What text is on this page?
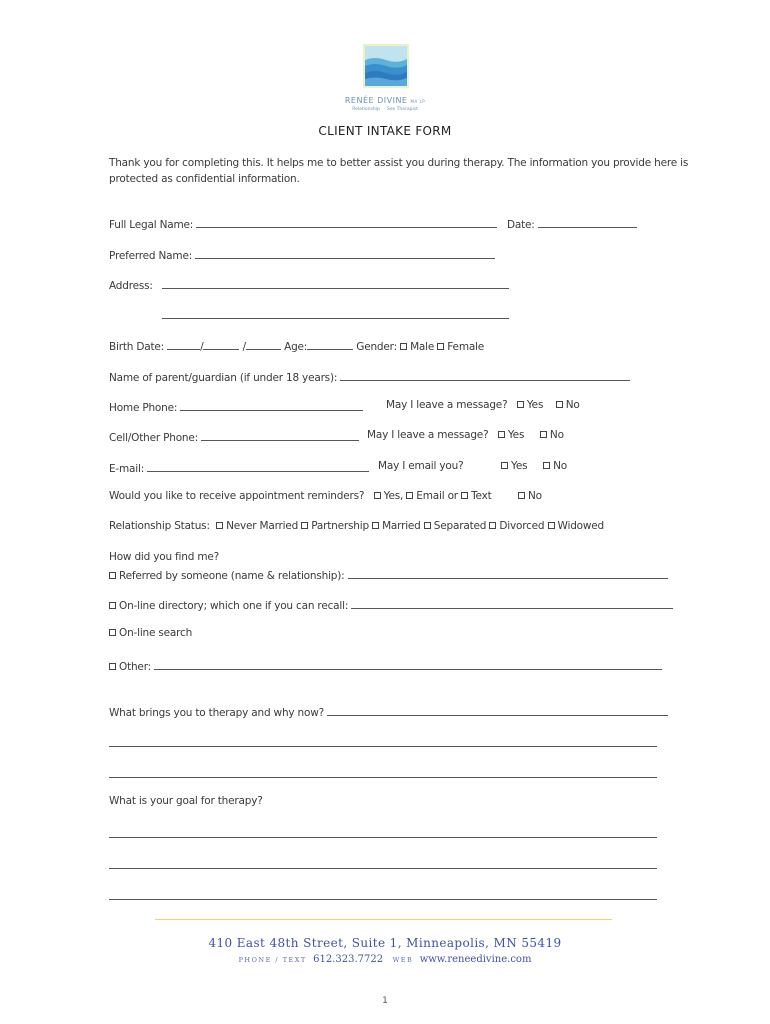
RENÉE DIVINE MA LP
Relationship Sex Therapist
CLIENT INTAKE FORM
Thank you for completing this. It helps me to better assist you during therapy. The information you provide here is
protected as confidential information.
Full Legal Name:	Date:
Preferred Name:
Address:
Birth Date:	/	/	Age:	Gender: Male Female
Name of parent/guardian (if under 18 years):
Home Phone:	May I leave a message? Yes No
Cell/Other Phone:	May I leave a message? Yes No
E-mail:	May I email you?	Yes No
Would you like to receive appointment reminders? Yes, Email or Text	No
Relationship Status: Never Married Partnership Married Separated Divorced Widowed
How did you find me?
Referred by someone (name & relationship):
On-line directory; which one if you can recall:
On-line search
Other:
What brings you to therapy and why now?
What is your goal for therapy?
410 East 48th Street, Suite 1, Minneapolis, MN 55419
PHONE / TEXT 612.323.7722 WEB www.reneedivine.com
1
